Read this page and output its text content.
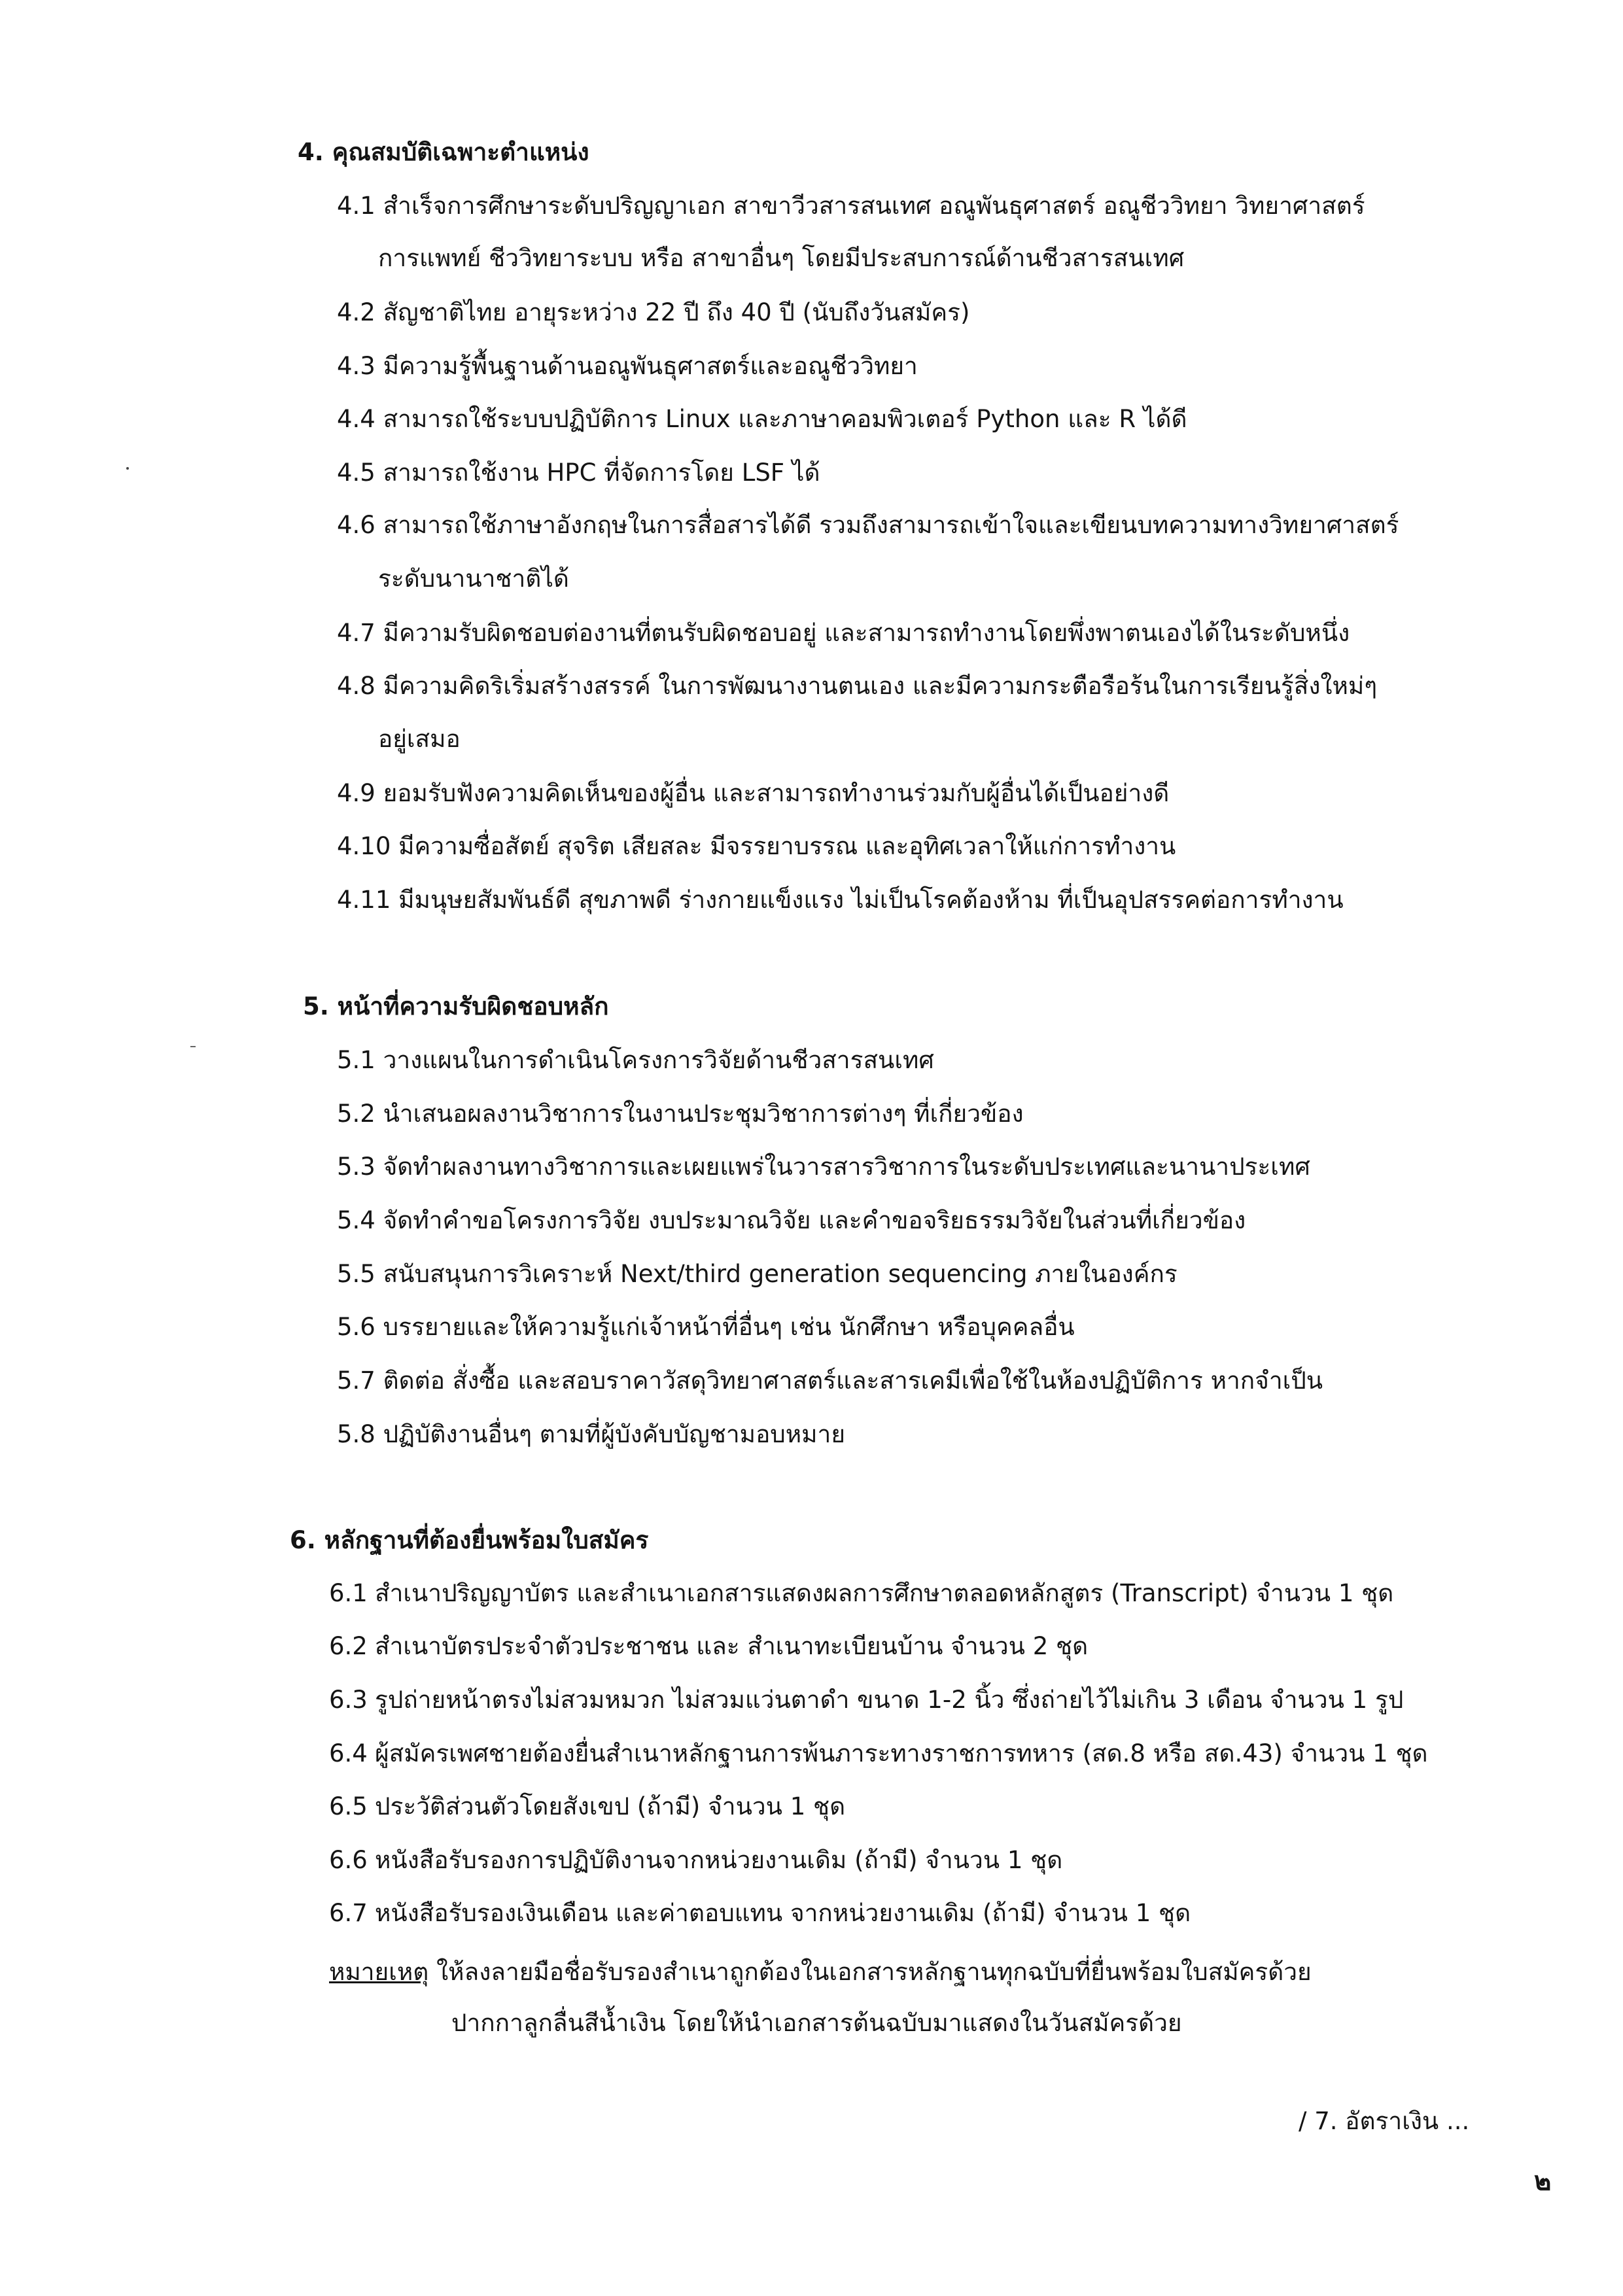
4. คุณสมบัติเฉพาะตำแหน่ง
4.1 สำเร็จการศึกษาระดับปริญญาเอก สาขาวีวสารสนเทศ อณูพันธุศาสตร์ อณูชีววิทยา วิทยาศาสตร์
การแพทย์ ชีววิทยาระบบ หรือ สาขาอื่นๆ โดยมีประสบการณ์ด้านชีวสารสนเทศ
4.2 สัญชาติไทย อายุระหว่าง 22 ปี ถึง 40 ปี (นับถึงวันสมัคร)
4.3 มีความรู้พื้นฐานด้านอณูพันธุศาสตร์และอณูชีววิทยา
4.4 สามารถใช้ระบบปฏิบัติการ Linux และภาษาคอมพิวเตอร์ Python และ R ได้ดี
4.5 สามารถใช้งาน HPC ที่จัดการโดย LSF ได้
4.6 สามารถใช้ภาษาอังกฤษในการสื่อสารได้ดี รวมถึงสามารถเข้าใจและเขียนบทความทางวิทยาศาสตร์
ระดับนานาชาติได้
4.7 มีความรับผิดชอบต่องานที่ตนรับผิดชอบอยู่ และสามารถทำงานโดยพึ่งพาตนเองได้ในระดับหนึ่ง
4.8 มีความคิดริเริ่มสร้างสรรค์ ในการพัฒนางานตนเอง และมีความกระตือรือร้นในการเรียนรู้สิ่งใหม่ๆ
อยู่เสมอ
4.9 ยอมรับฟังความคิดเห็นของผู้อื่น และสามารถทำงานร่วมกับผู้อื่นได้เป็นอย่างดี
4.10 มีความซื่อสัตย์ สุจริต เสียสละ มีจรรยาบรรณ และอุทิศเวลาให้แก่การทำงาน
4.11 มีมนุษยสัมพันธ์ดี สุขภาพดี ร่างกายแข็งแรง ไม่เป็นโรคต้องห้าม ที่เป็นอุปสรรคต่อการทำงาน
5. หน้าที่ความรับผิดชอบหลัก
5.1 วางแผนในการดำเนินโครงการวิจัยด้านชีวสารสนเทศ
5.2 นำเสนอผลงานวิชาการในงานประชุมวิชาการต่างๆ ที่เกี่ยวข้อง
5.3 จัดทำผลงานทางวิชาการและเผยแพร่ในวารสารวิชาการในระดับประเทศและนานาประเทศ
5.4 จัดทำคำขอโครงการวิจัย งบประมาณวิจัย และคำขอจริยธรรมวิจัยในส่วนที่เกี่ยวข้อง
5.5 สนับสนุนการวิเคราะห์ Next/third generation sequencing ภายในองค์กร
5.6 บรรยายและให้ความรู้แก่เจ้าหน้าที่อื่นๆ เช่น นักศึกษา หรือบุคคลอื่น
5.7 ติดต่อ สั่งซื้อ และสอบราคาวัสดุวิทยาศาสตร์และสารเคมีเพื่อใช้ในห้องปฏิบัติการ หากจำเป็น
5.8 ปฏิบัติงานอื่นๆ ตามที่ผู้บังคับบัญชามอบหมาย
6. หลักฐานที่ต้องยื่นพร้อมใบสมัคร
6.1 สำเนาปริญญาบัตร และสำเนาเอกสารแสดงผลการศึกษาตลอดหลักสูตร (Transcript) จำนวน 1 ชุด
6.2 สำเนาบัตรประจำตัวประชาชน และ สำเนาทะเบียนบ้าน จำนวน 2 ชุด
6.3 รูปถ่ายหน้าตรงไม่สวมหมวก ไม่สวมแว่นตาดำ ขนาด 1-2 นิ้ว ซึ่งถ่ายไว้ไม่เกิน 3 เดือน จำนวน 1 รูป
6.4 ผู้สมัครเพศชายต้องยื่นสำเนาหลักฐานการพ้นภาระทางราชการทหาร (สด.8 หรือ สด.43) จำนวน 1 ชุด
6.5 ประวัติส่วนตัวโดยสังเขป (ถ้ามี) จำนวน 1 ชุด
6.6 หนังสือรับรองการปฏิบัติงานจากหน่วยงานเดิม (ถ้ามี) จำนวน 1 ชุด
6.7 หนังสือรับรองเงินเดือน และค่าตอบแทน จากหน่วยงานเดิม (ถ้ามี) จำนวน 1 ชุด
หมายเหตุ ให้ลงลายมือชื่อรับรองสำเนาถูกต้องในเอกสารหลักฐานทุกฉบับที่ยื่นพร้อมใบสมัครด้วย
ปากกาลูกลื่นสีน้ำเงิน โดยให้นำเอกสารต้นฉบับมาแสดงในวันสมัครด้วย
/ 7. อัตราเงิน ...
๒
